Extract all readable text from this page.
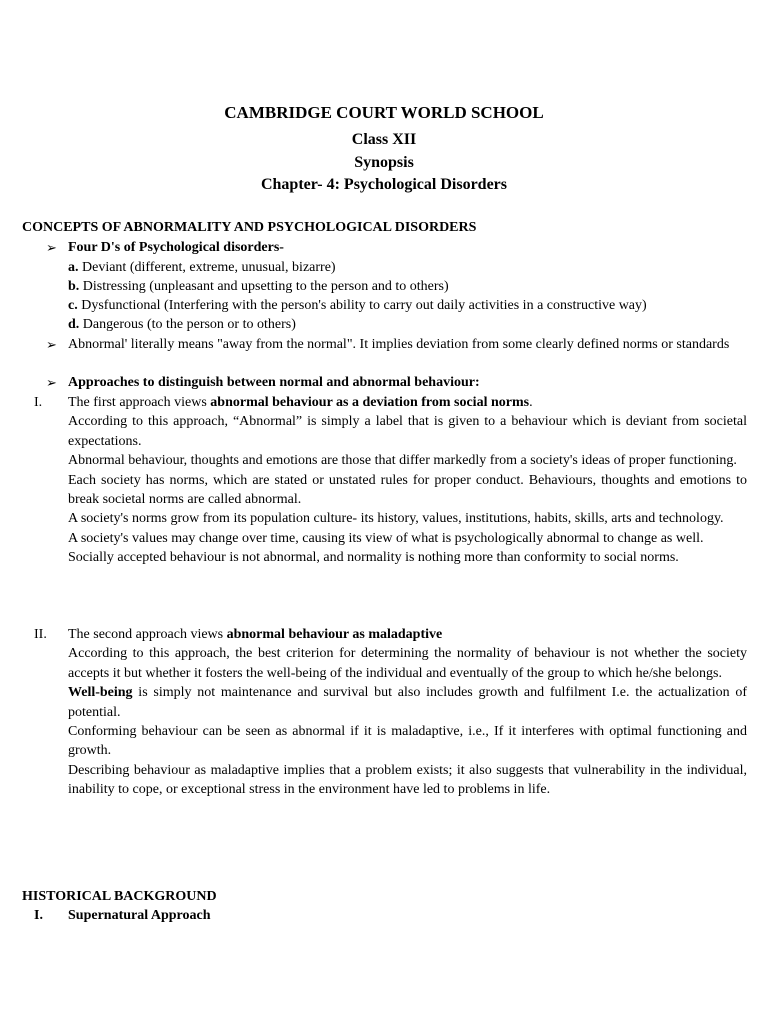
CAMBRIDGE COURT WORLD SCHOOL
Class XII
Synopsis
Chapter- 4: Psychological Disorders
CONCEPTS OF ABNORMALITY AND PSYCHOLOGICAL DISORDERS
➢ Four D's of Psychological disorders-
a. Deviant (different, extreme, unusual, bizarre)
b. Distressing (unpleasant and upsetting to the person and to others)
c. Dysfunctional (Interfering with the person's ability to carry out daily activities in a constructive way)
d. Dangerous (to the person or to others)
➢ Abnormal' literally means "away from the normal". It implies deviation from some clearly defined norms or standards
➢ Approaches to distinguish between normal and abnormal behaviour:
I. The first approach views abnormal behaviour as a deviation from social norms.
According to this approach, “Abnormal” is simply a label that is given to a behaviour which is deviant from societal expectations.
Abnormal behaviour, thoughts and emotions are those that differ markedly from a society's ideas of proper functioning.
Each society has norms, which are stated or unstated rules for proper conduct. Behaviours, thoughts and emotions to break societal norms are called abnormal.
A society's norms grow from its population culture- its history, values, institutions, habits, skills, arts and technology.
A society's values may change over time, causing its view of what is psychologically abnormal to change as well.
Socially accepted behaviour is not abnormal, and normality is nothing more than conformity to social norms.
II. The second approach views abnormal behaviour as maladaptive
According to this approach, the best criterion for determining the normality of behaviour is not whether the society accepts it but whether it fosters the well-being of the individual and eventually of the group to which he/she belongs.
Well-being is simply not maintenance and survival but also includes growth and fulfilment I.e. the actualization of potential.
Conforming behaviour can be seen as abnormal if it is maladaptive, i.e., If it interferes with optimal functioning and growth.
Describing behaviour as maladaptive implies that a problem exists; it also suggests that vulnerability in the individual, inability to cope, or exceptional stress in the environment have led to problems in life.
HISTORICAL BACKGROUND
I. Supernatural Approach
